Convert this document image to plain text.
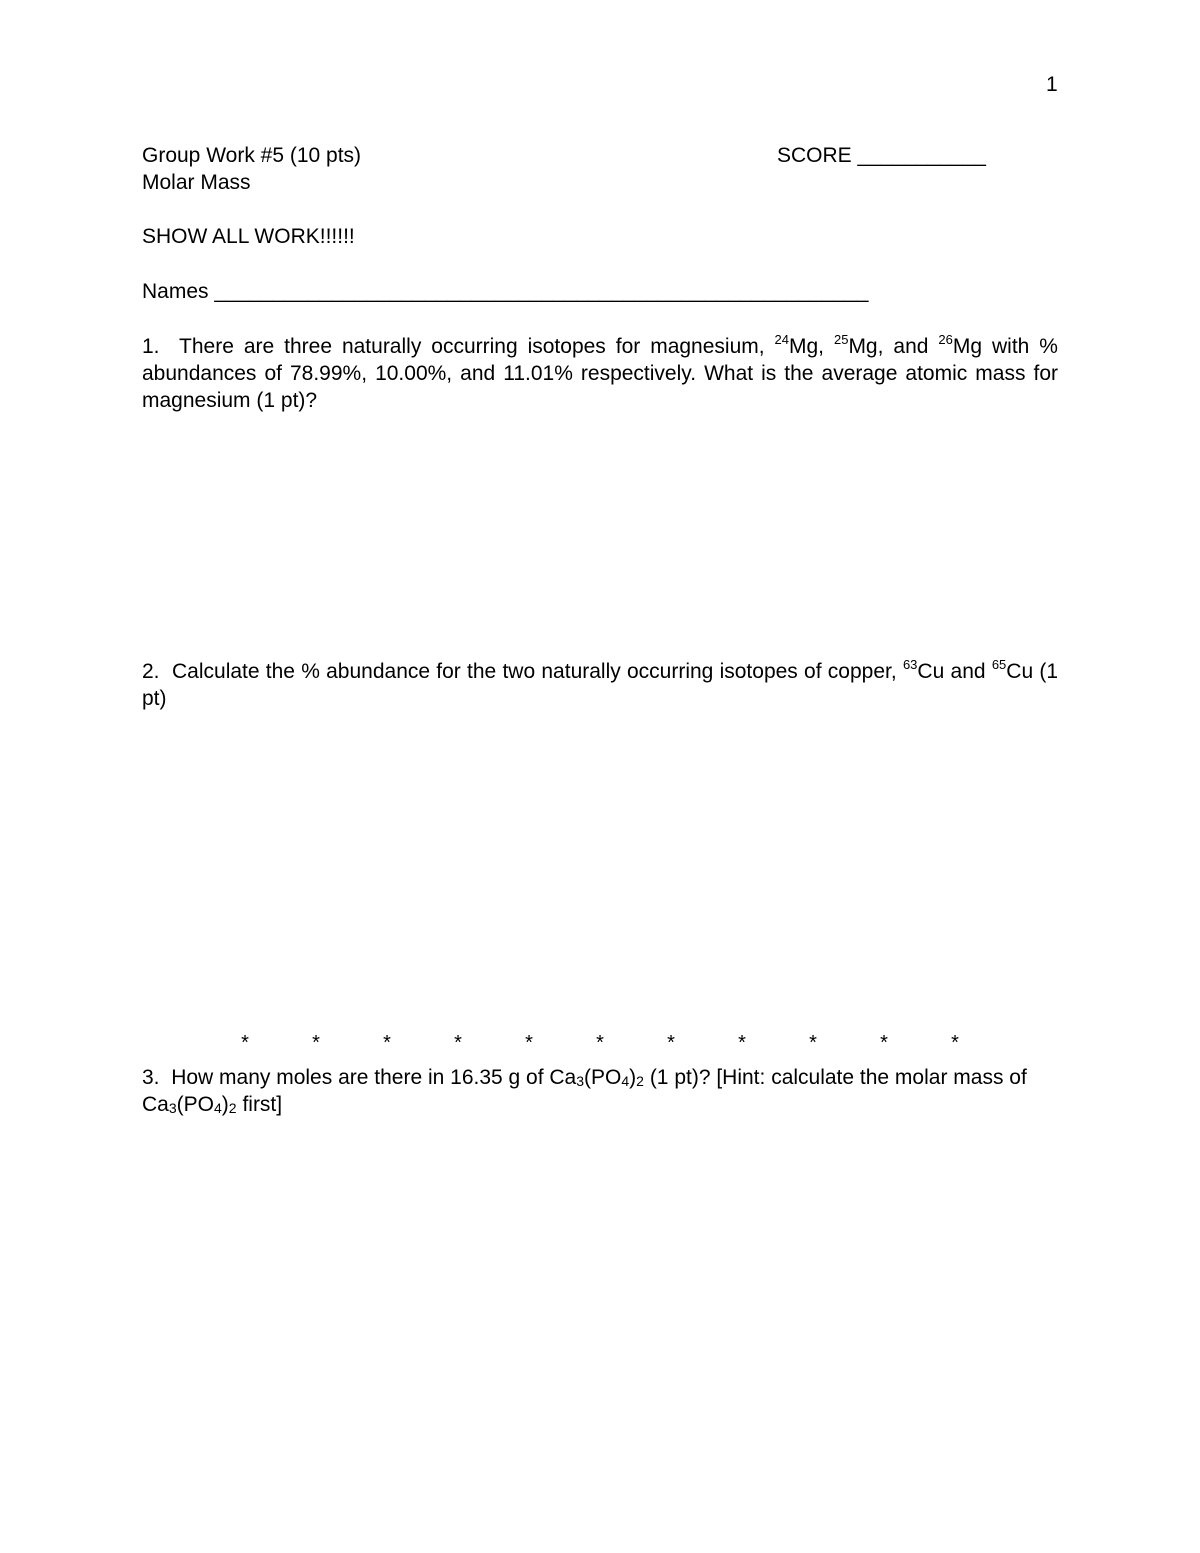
1
Group Work #5 (10 pts)	SCORE ___________
Molar Mass
SHOW ALL WORK!!!!!!
Names ________________________________________________________
1. There are three naturally occurring isotopes for magnesium, $^{24}$Mg, $^{25}$Mg, and $^{26}$Mg with % abundances of 78.99%, 10.00%, and 11.01% respectively. What is the average atomic mass for magnesium (1 pt)?
2. Calculate the % abundance for the two naturally occurring isotopes of copper, $^{63}$Cu and $^{65}$Cu (1 pt)
*	*	*	*	*	*	*	*	*	*	*
3. How many moles are there in 16.35 g of $Ca_3(PO_4)_2$ (1 pt)? [Hint: calculate the molar mass of $Ca_3(PO_4)_2$ first]
